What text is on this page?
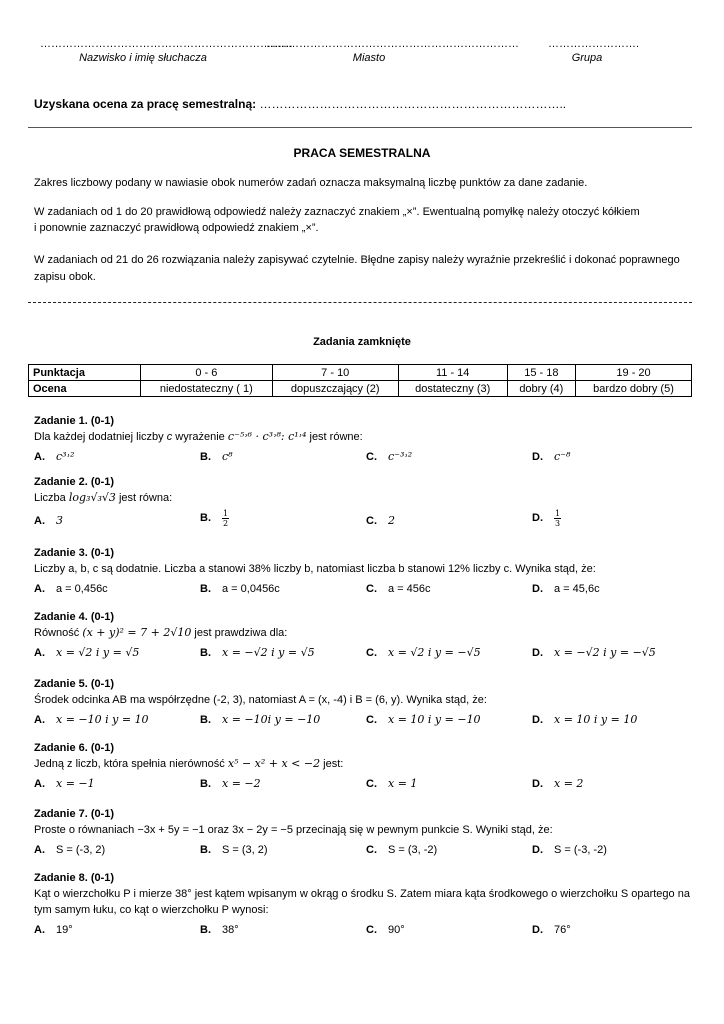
……………………………………………………………
……………………………………………………………	…………………….
Nazwisko i imię słuchacza	Miasto	Grupa
Uzyskana ocena za pracę semestralną: …………………………………………………………………..
PRACA SEMESTRALNA
Zakres liczbowy podany w nawiasie obok numerów zadań oznacza maksymalną liczbę punktów za dane zadanie.
W zadaniach od 1 do 20 prawidłową odpowiedź należy zaznaczyć znakiem „×”. Ewentualną pomyłkę należy otoczyć kółkiem
i ponownie zaznaczyć prawidłową odpowiedź znakiem „×”.
W zadaniach od 21 do 26 rozwiązania należy zapisywać czytelnie. Błędne zapisy należy wyraźnie przekreślić i dokonać poprawnego zapisu obok.
Zadania zamknięte
Punktacja	0 - 6	7 - 10	11 - 14	15 - 18	19 - 20
Ocena	niedostateczny ( 1)	dopuszczający (2)	dostateczny (3)	dobry (4)	bardzo dobry (5)
Zadanie 1. (0-1)
Dla każdej dodatniej liczby c wyrażenie c⁻⁵˒⁶ · c³˒⁸: c¹˒⁴ jest równe:
A. c³˒²	B. c⁸	C. c⁻³˒²	D. c⁻⁸
Zadanie 2. (0-1)
Liczba log₃√₃√3 jest równa:
A. 3	B. $\frac{1}{2}$	C. 2	D. $\frac{1}{3}$
Zadanie 3. (0-1)
Liczby a, b, c są dodatnie. Liczba a stanowi 38% liczby b, natomiast liczba b stanowi 12% liczby c. Wynika stąd, że:
A. a = 0,456c	B. a = 0,0456c	C. a = 456c	D. a = 45,6c
Zadanie 4. (0-1)
Równość (x + y)² = 7 + 2√10 jest prawdziwa dla:
A. x = √2 i y = √5	B. x = −√2 i y = √5	C. x = √2 i y = −√5	D. x = −√2 i y = −√5
Zadanie 5. (0-1)
Środek odcinka AB ma współrzędne (-2, 3), natomiast A = (x, -4) i B = (6, y). Wynika stąd, że:
A. x = −10 i y = 10	B. x = −10i y = −10	C. x = 10 i y = −10	D. x = 10 i y = 10
Zadanie 6. (0-1)
Jedną z liczb, która spełnia nierówność x⁵ − x² + x < −2 jest:
A. x = −1	B. x = −2	C. x = 1	D. x = 2
Zadanie 7. (0-1)
Proste o równaniach −3x + 5y = −1 oraz 3x − 2y = −5 przecinają się w pewnym punkcie S. Wyniki stąd, że:
A. S = (-3, 2)	B. S = (3, 2)	C. S = (3, -2)	D. S = (-3, -2)
Zadanie 8. (0-1)
Kąt o wierzchołku P i mierze 38° jest kątem wpisanym w okrąg o środku S. Zatem miara kąta środkowego o wierzchołku S opartego na tym samym łuku, co kąt o wierzchołku P wynosi:
A. 19°	B. 38°	C. 90°	D. 76°
